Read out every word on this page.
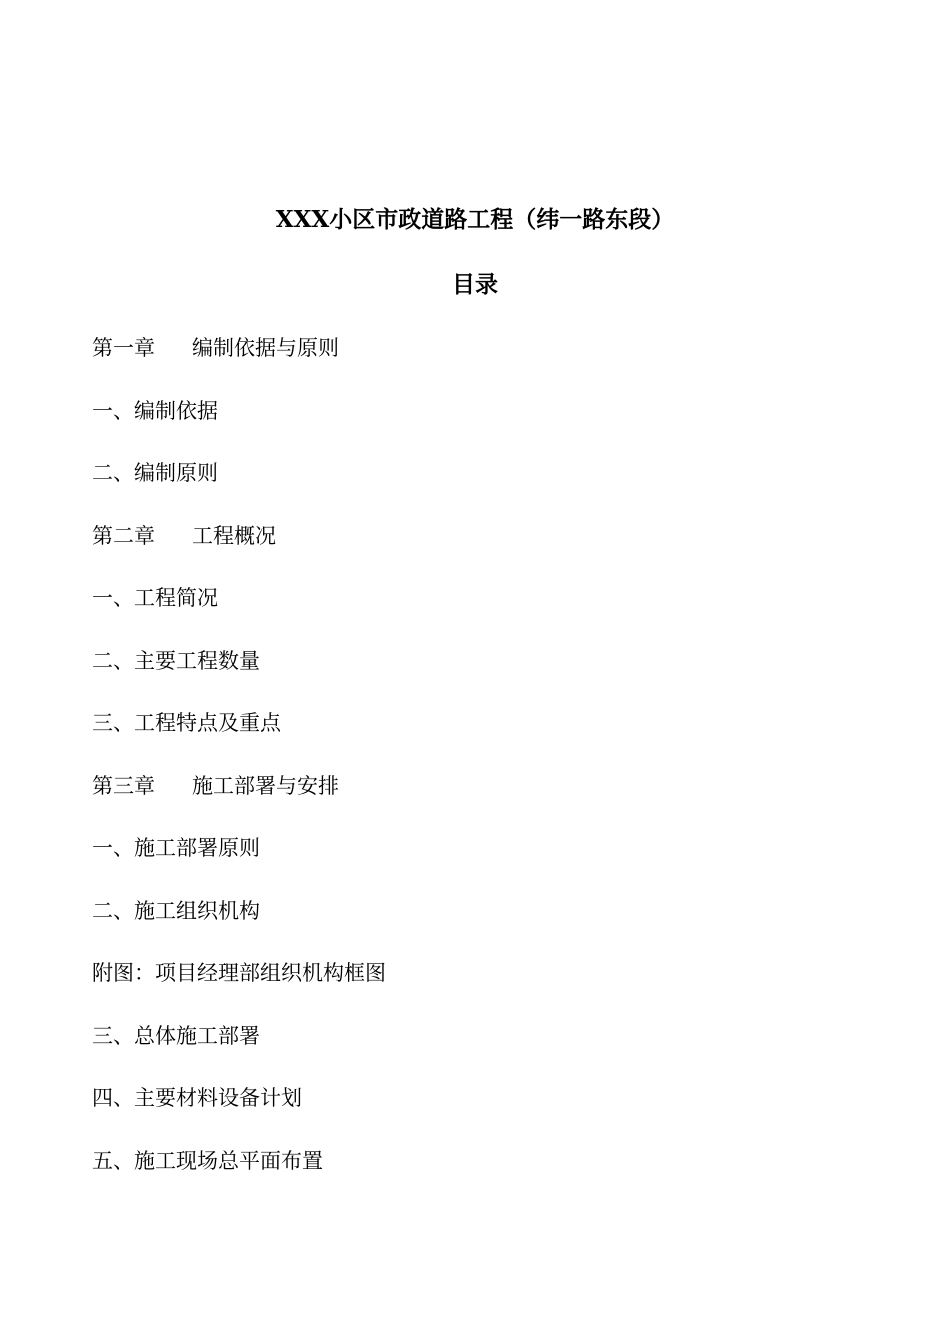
XXX小区市政道路工程（纬一路东段）
目录
第一章 编制依据与原则
一、编制依据
二、编制原则
第二章 工程概况
一、工程简况
二、主要工程数量
三、工程特点及重点
第三章 施工部署与安排
一、施工部署原则
二、施工组织机构
附图：项目经理部组织机构框图
三、总体施工部署
四、主要材料设备计划
五、施工现场总平面布置
